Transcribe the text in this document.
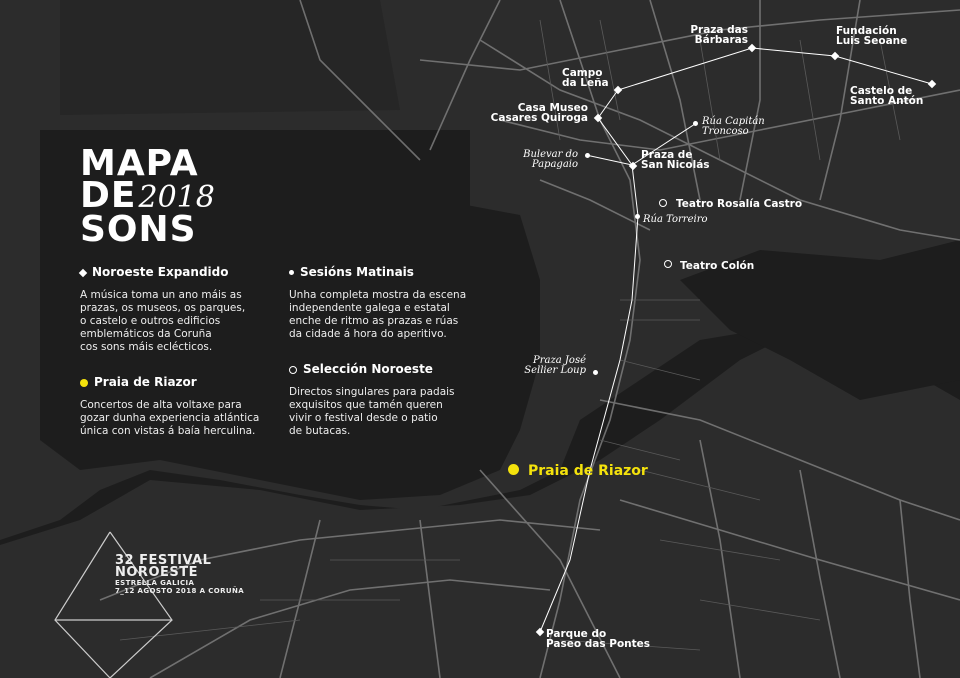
MAPA
DE2018
SONS
Noroeste Expandido

A música toma un ano máis as
prazas, os museos, os parques,
o castelo e outros edificios
emblemáticos da Coruña
cos sons máis eclécticos.

Sesións Matinais

Unha completa mostra da escena
independente galega e estatal
enche de ritmo as prazas e rúas
da cidade á hora do aperitivo.

Praia de Riazor

Concertos de alta voltaxe para
gozar dunha experiencia atlántica
única con vistas á baía herculina.

Selección Noroeste

Directos singulares para padais
exquisitos que tamén queren
vivir o festival desde o patio
de butacas.

Praza das
Bárbaras
Fundación
Luis Seoane
Campo
da Leña
Castelo de
Santo Antón
Casa Museo
Casares Quiroga	Rúa Capitán
Troncoso
Bulevar do
Papagaio
Praza de
San Nicolás
Teatro Rosalía Castro
Rúa Torreiro
Teatro Colón
Praza José
Sellier Loup
Praia de Riazor
Parque do
Paseo das Pontes
32 FESTIVAL
NOROESTE
ESTRELLA GALICIA
7_12 AGOSTO 2018 A CORUÑA
